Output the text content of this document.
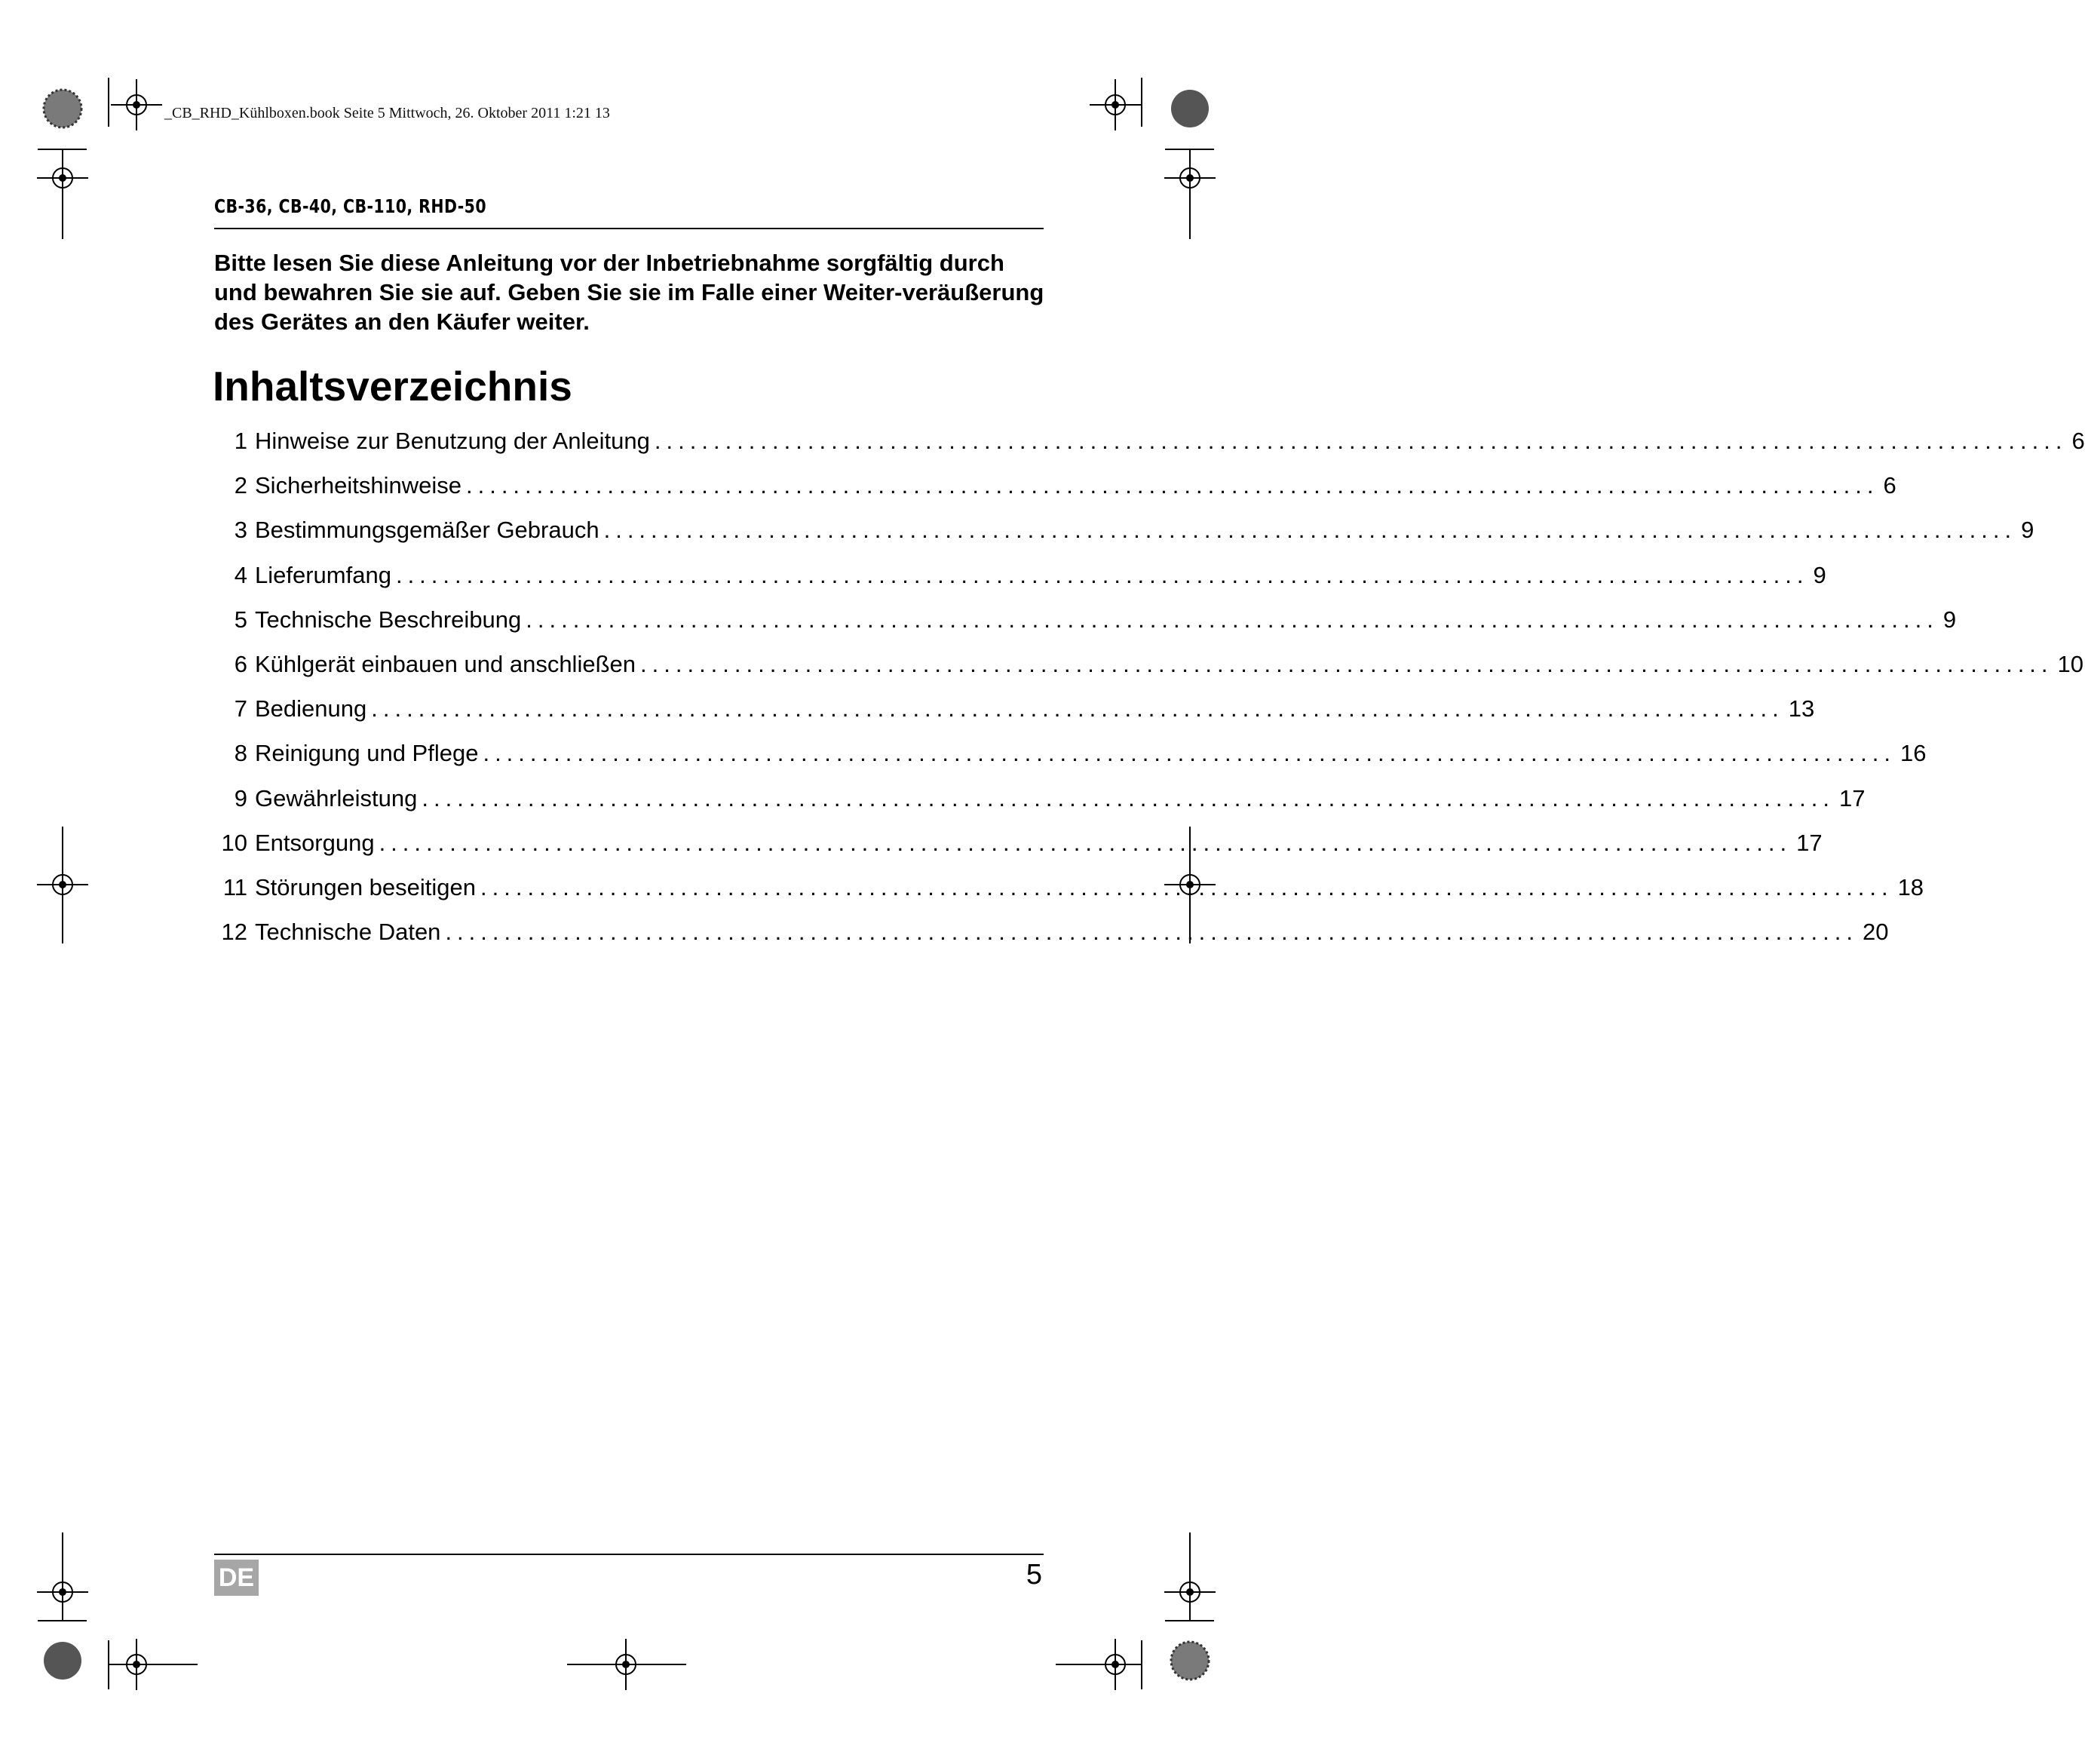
_CB_RHD_Kühlboxen.book Seite 5 Mittwoch, 26. Oktober 2011 1:21 13
CB-36, CB-40, CB-110, RHD-50

Bitte lesen Sie diese Anleitung vor der Inbetriebnahme sorgfältig durch und bewahren Sie sie auf. Geben Sie sie im Falle einer Weiter-veräußerung des Gerätes an den Käufer weiter.

Inhaltsverzeichnis
1 Hinweise zur Benutzung der Anleitung ........................................................................................................................ 6
2 Sicherheitshinweise ........................................................................................................................ 6
3 Bestimmungsgemäßer Gebrauch ........................................................................................................................ 9
4 Lieferumfang ........................................................................................................................ 9
5 Technische Beschreibung ........................................................................................................................ 9
6 Kühlgerät einbauen und anschließen ........................................................................................................................ 10
7 Bedienung ........................................................................................................................ 13
8 Reinigung und Pflege ........................................................................................................................ 16
9 Gewährleistung ........................................................................................................................ 17
10 Entsorgung ........................................................................................................................ 17
11 Störungen beseitigen ........................................................................................................................ 18
12 Technische Daten ........................................................................................................................ 20
DE	5
